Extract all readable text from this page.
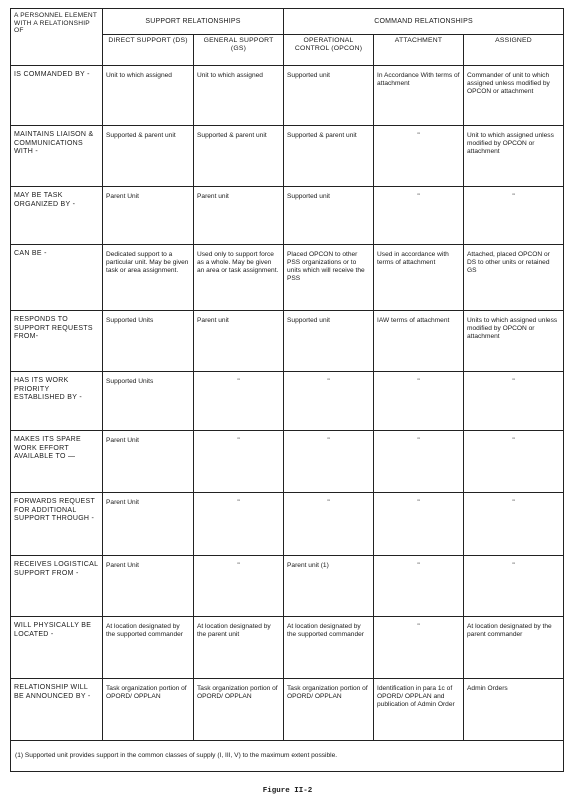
A PERSONNEL ELEMENT WITH A RELATIONSHIP OF	SUPPORT RELATIONSHIPS		COMMAND RELATIONSHIPS		
	DIRECT SUPPORT (DS)	GENERAL SUPPORT (GS)	OPERATIONAL CONTROL (OPCON)	ATTACHMENT	ASSIGNED
IS COMMANDED BY -	Unit to which assigned	Unit to which assigned	Supported unit	In Accordance With terms of attachment	Commander of unit to which assigned unless modified by OPCON or attachment
MAINTAINS LIAISON & COMMUNICATIONS WITH -	Supported & parent unit	Supported & parent unit	Supported & parent unit	"	Unit to which assigned unless modified by OPCON or attachment
MAY BE TASK ORGANIZED BY -	Parent Unit	Parent unit	Supported unit	"	"
CAN BE -	Dedicated support to a particular unit. May be given task or area assignment.	Used only to support force as a whole. May be given an area or task assignment.	Placed OPCON to other PSS organizations or to units which will receive the PSS	Used in accordance with terms of attachment	Attached, placed OPCON or DS to other units or retained GS
RESPONDS TO SUPPORT REQUESTS FROM-	Supported Units	Parent unit	Supported unit	IAW terms of attachment	Units to which assigned unless modified by OPCON or attachment
HAS ITS WORK PRIORITY ESTABLISHED BY -	Supported Units	"	"	"	"
MAKES ITS SPARE WORK EFFORT AVAILABLE TO —	Parent Unit	"	"	"	"
FORWARDS REQUEST FOR ADDITIONAL SUPPORT THROUGH -	Parent Unit	"	"	"	"
RECEIVES LOGISTICAL SUPPORT FROM -	Parent Unit	"	Parent unit (1)	"	"
WILL PHYSICALLY BE LOCATED -	At location designated by the supported commander	At location designated by the parent unit	At location designated by the supported commander	"	At location designated by the parent commander
RELATIONSHIP WILL BE ANNOUNCED BY -	Task organization portion of OPORD/ OPPLAN	Task organization portion of OPORD/ OPPLAN	Task organization portion of OPORD/ OPPLAN	Identification in para 1c of OPORD/ OPPLAN and publication of Admin Order	Admin Orders
(1) Supported unit provides support in the common classes of supply (I, III, V) to the maximum extent possible.					
Figure II-2
